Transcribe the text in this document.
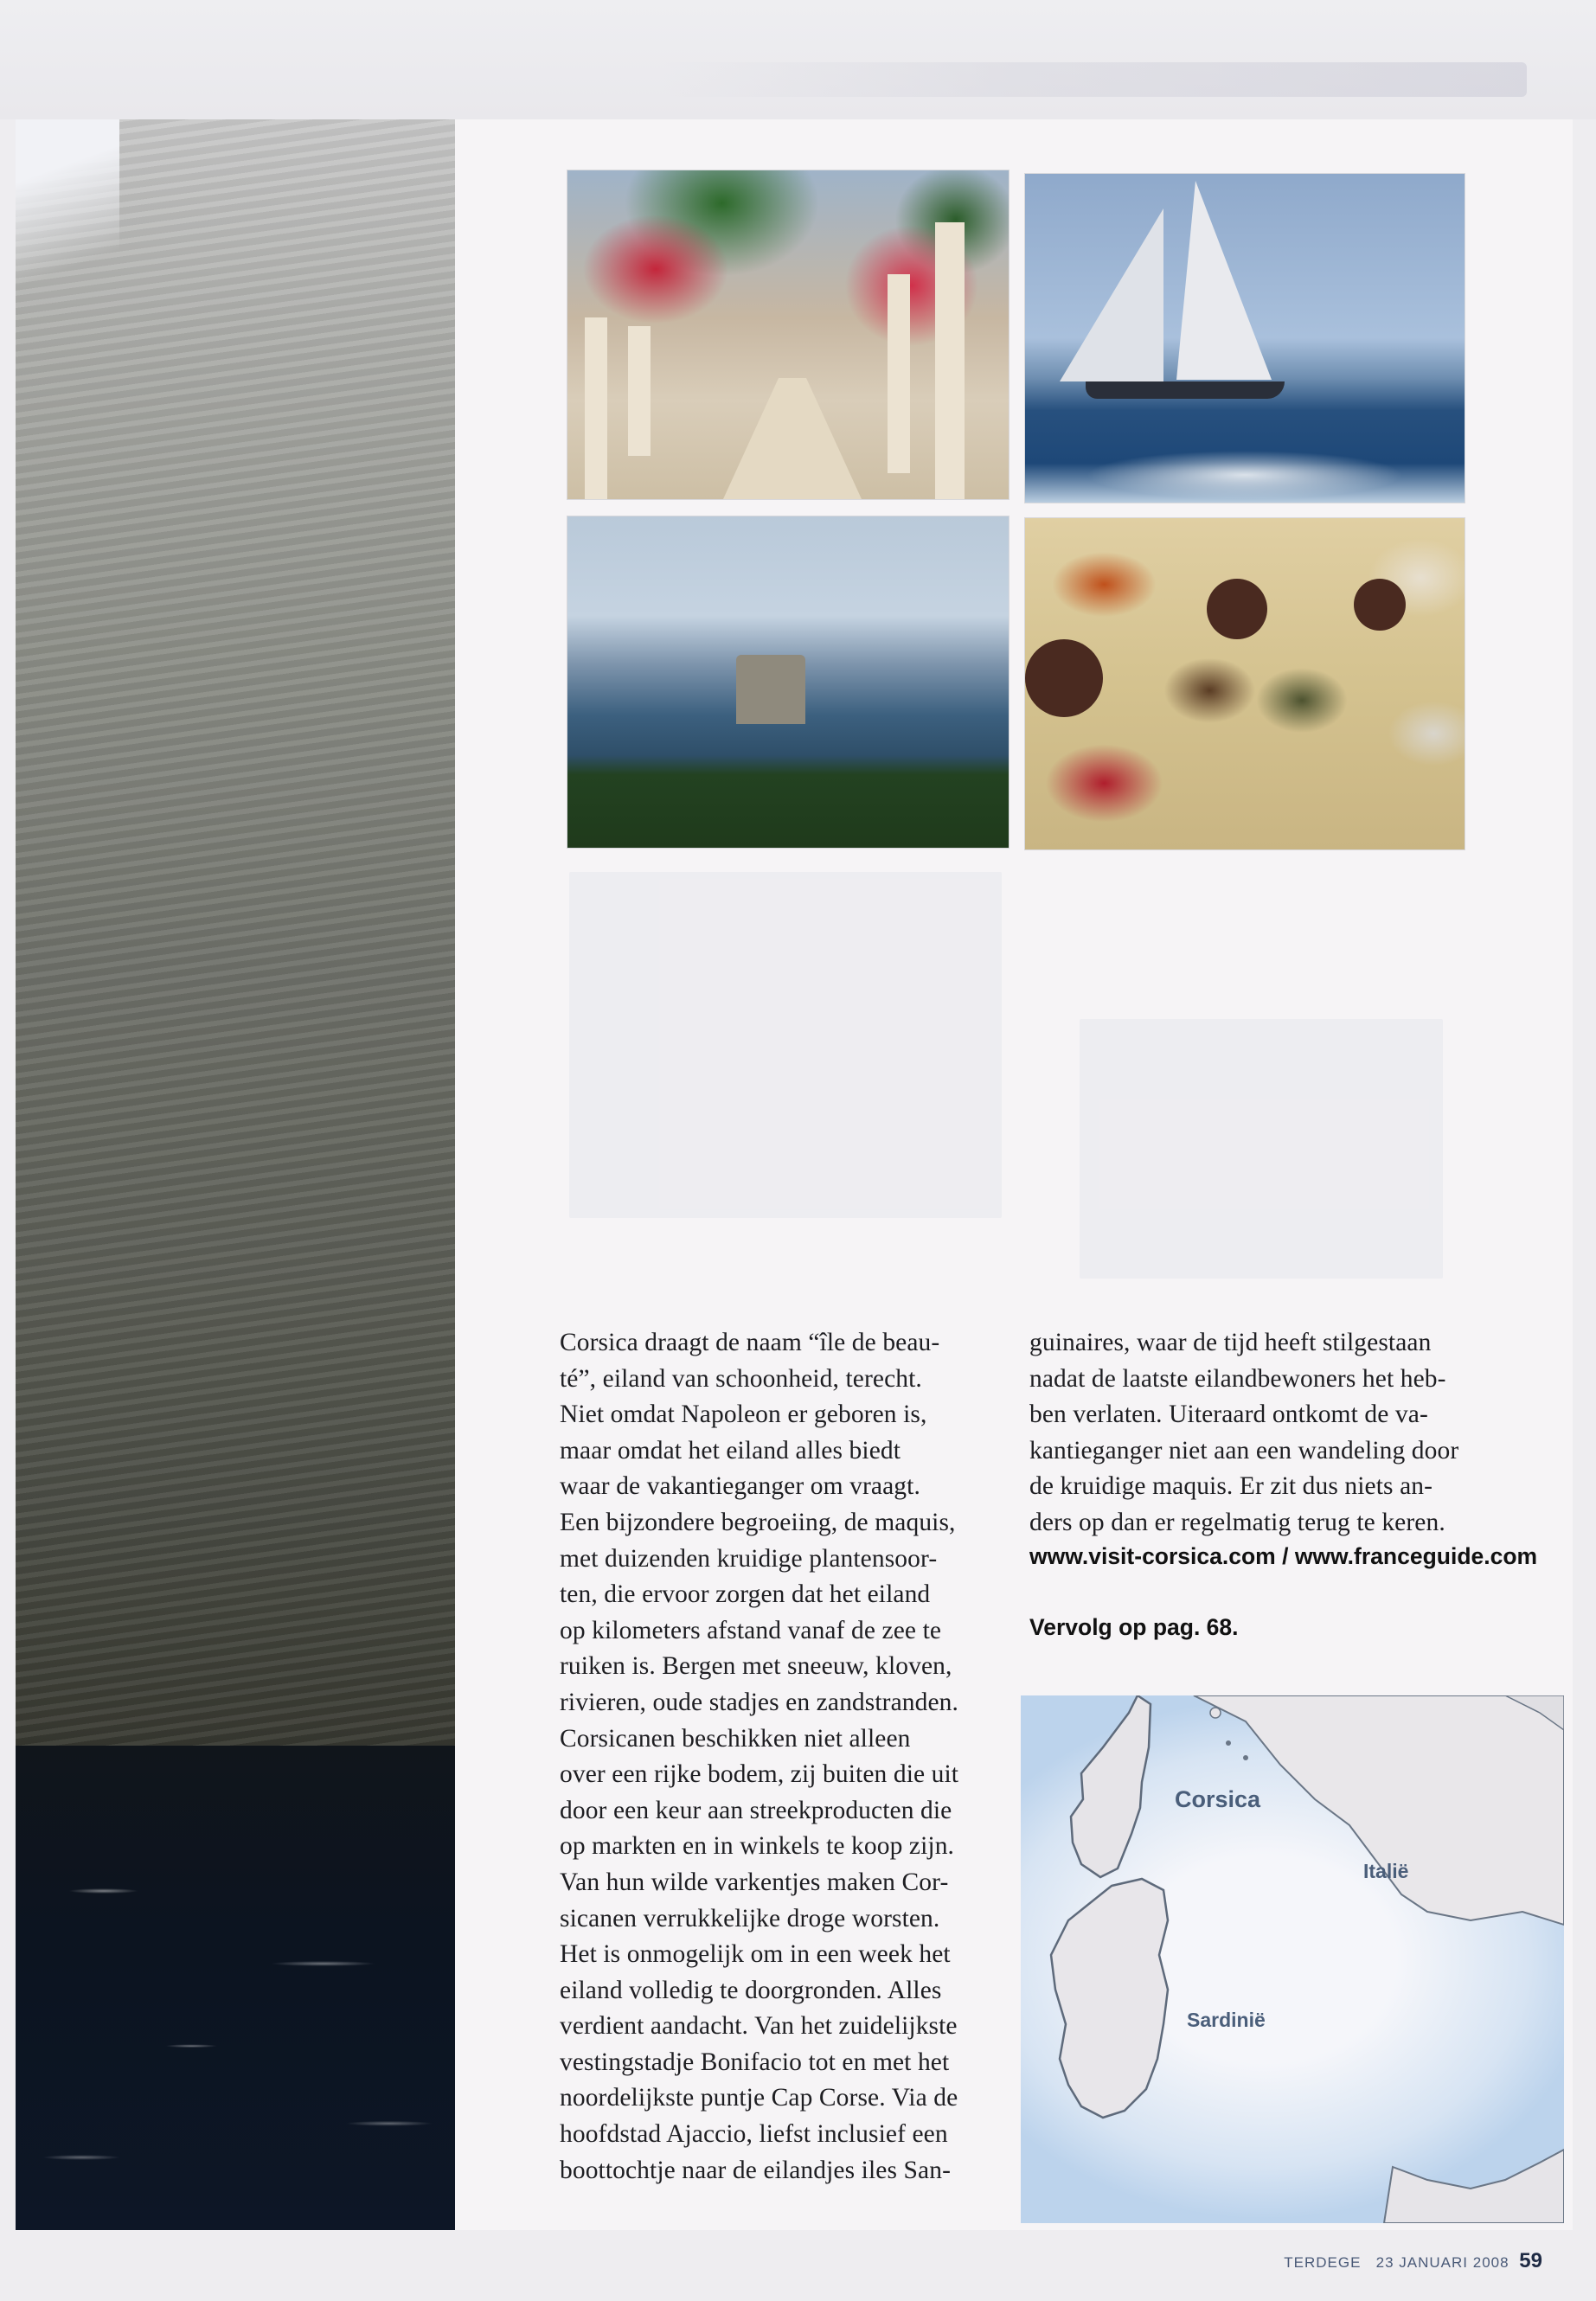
Corsica draagt de naam “île de beau-
té”, eiland van schoonheid, terecht.
Niet omdat Napoleon er geboren is,
maar omdat het eiland alles biedt
waar de vakantieganger om vraagt.
Een bijzondere begroeiing, de maquis,
met duizenden kruidige plantensoor-
ten, die ervoor zorgen dat het eiland
op kilometers afstand vanaf de zee te
ruiken is. Bergen met sneeuw, kloven,
rivieren, oude stadjes en zandstranden.
Corsicanen beschikken niet alleen
over een rijke bodem, zij buiten die uit
door een keur aan streekproducten die
op markten en in winkels te koop zijn.
Van hun wilde varkentjes maken Cor-
sicanen verrukkelijke droge worsten.
Het is onmogelijk om in een week het
eiland volledig te doorgronden. Alles
verdient aandacht. Van het zuidelijkste
vestingstadje Bonifacio tot en met het
noordelijkste puntje Cap Corse. Via de
hoofdstad Ajaccio, liefst inclusief een
boottochtje naar de eilandjes iles San-
guinaires, waar de tijd heeft stilgestaan
nadat de laatste eilandbewoners het heb-
ben verlaten. Uiteraard ontkomt de va-
kantieganger niet aan een wandeling door
de kruidige maquis. Er zit dus niets an-
ders op dan er regelmatig terug te keren.
www.visit-corsica.com / www.franceguide.com
Vervolg op pag. 68.
Corsica
Italië
Sardinië
TERDEGE 23 JANUARI 2008 59
